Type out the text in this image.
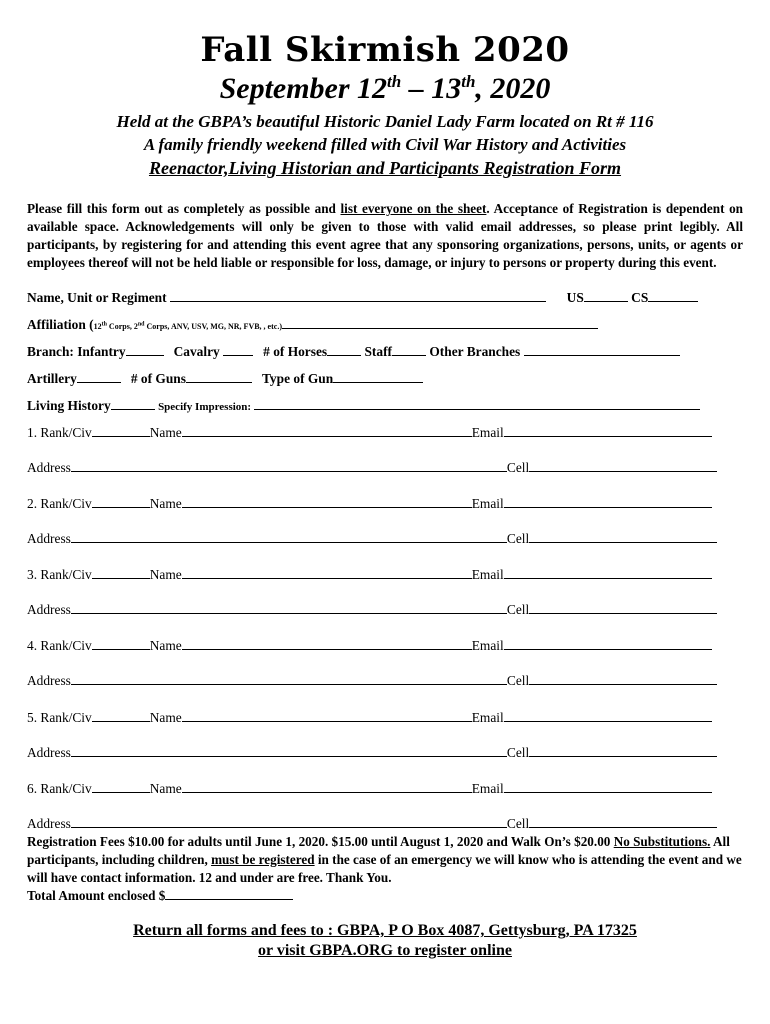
Fall Skirmish 2020
September 12th – 13th, 2020
Held at the GBPA’s beautiful Historic Daniel Lady Farm located on Rt # 116
A family friendly weekend filled with Civil War History and Activities
Reenactor,Living Historian and Participants Registration Form
Please fill this form out as completely as possible and list everyone on the sheet. Acceptance of Registration is dependent on available space. Acknowledgements will only be given to those with valid email addresses, so please print legibly. All participants, by registering for and attending this event agree that any sponsoring organizations, persons, units, or agents or employees thereof will not be held liable or responsible for loss, damage, or injury to persons or property during this event.
Name, Unit or Regiment	US	CS
Affiliation (12th Corps, 2nd Corps, ANV, USV, MG, NR, FVB, , etc.)
Branch: Infantry	Cavalry	# of Horses	Staff	Other Branches
Artillery	# of Guns	Type of Gun
Living History	Specify Impression:
1. Rank/Civ	Name	Email
Address	Cell
2. Rank/Civ	Name	Email
Address	Cell
3. Rank/Civ	Name	Email
Address	Cell
4. Rank/Civ	Name	Email
Address	Cell
5. Rank/Civ	Name	Email
Address	Cell
6. Rank/Civ	Name	Email
Address	Cell
Registration Fees $10.00 for adults until June 1, 2020. $15.00 until August 1, 2020 and Walk On’s $20.00 No Substitutions. All participants, including children, must be registered in the case of an emergency we will know who is attending the event and we will have contact information. 12 and under are free. Thank You.
Total Amount enclosed $
Return all forms and fees to : GBPA, P O Box 4087, Gettysburg, PA 17325
or visit GBPA.ORG to register online
